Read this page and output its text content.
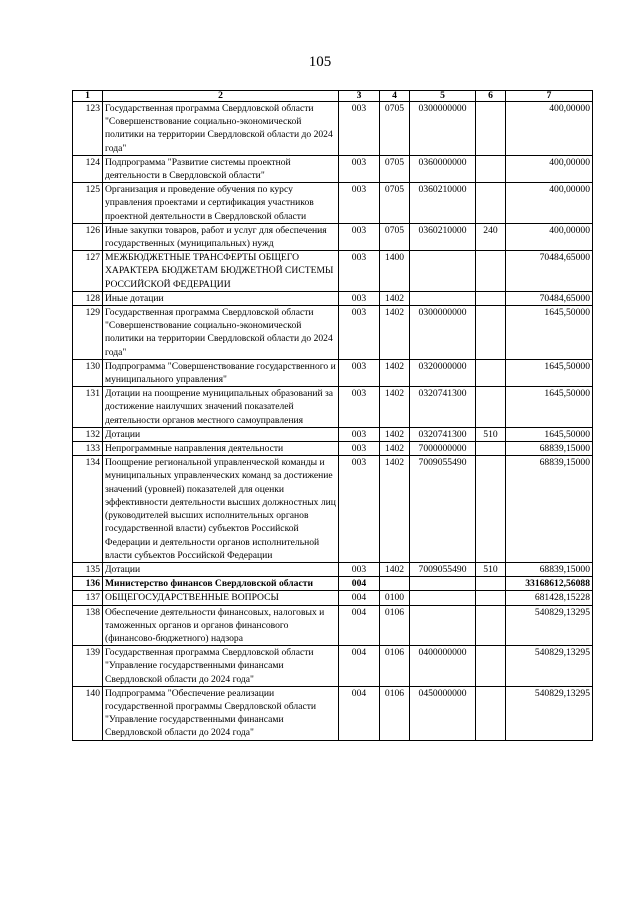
105
1	2	3	4	5	6	7
123	Государственная программа Свердловской области "Совершенствование социально-экономической политики на территории Свердловской области до 2024 года"	003	0705	0300000000		400,00000
124	Подпрограмма "Развитие системы проектной деятельности в Свердловской области"	003	0705	0360000000		400,00000
125	Организация и проведение обучения по курсу управления проектами и сертификация участников проектной деятельности в Свердловской области	003	0705	0360210000		400,00000
126	Иные закупки товаров, работ и услуг для обеспечения государственных (муниципальных) нужд	003	0705	0360210000	240	400,00000
127	МЕЖБЮДЖЕТНЫЕ ТРАНСФЕРТЫ ОБЩЕГО ХАРАКТЕРА БЮДЖЕТАМ БЮДЖЕТНОЙ СИСТЕМЫ РОССИЙСКОЙ ФЕДЕРАЦИИ	003	1400			70484,65000
128	Иные дотации	003	1402			70484,65000
129	Государственная программа Свердловской области "Совершенствование социально-экономической политики на территории Свердловской области до 2024 года"	003	1402	0300000000		1645,50000
130	Подпрограмма "Совершенствование государственного и муниципального управления"	003	1402	0320000000		1645,50000
131	Дотации на поощрение муниципальных образований за достижение наилучших значений показателей деятельности органов местного самоуправления	003	1402	0320741300		1645,50000
132	Дотации	003	1402	0320741300	510	1645,50000
133	Непрограммные направления деятельности	003	1402	7000000000		68839,15000
134	Поощрение региональной управленческой команды и муниципальных управленческих команд за достижение значений (уровней) показателей для оценки эффективности деятельности высших должностных лиц (руководителей высших исполнительных органов государственной власти) субъектов Российской Федерации и деятельности органов исполнительной власти субъектов Российской Федерации	003	1402	7009055490		68839,15000
135	Дотации	003	1402	7009055490	510	68839,15000
136	Министерство финансов Свердловской области	004				33168612,56088
137	ОБЩЕГОСУДАРСТВЕННЫЕ ВОПРОСЫ	004	0100			681428,15228
138	Обеспечение деятельности финансовых, налоговых и таможенных органов и органов финансового (финансово-бюджетного) надзора	004	0106			540829,13295
139	Государственная программа Свердловской области "Управление государственными финансами Свердловской области до 2024 года"	004	0106	0400000000		540829,13295
140	Подпрограмма "Обеспечение реализации государственной программы Свердловской области "Управление государственными финансами Свердловской области до 2024 года"	004	0106	0450000000		540829,13295
